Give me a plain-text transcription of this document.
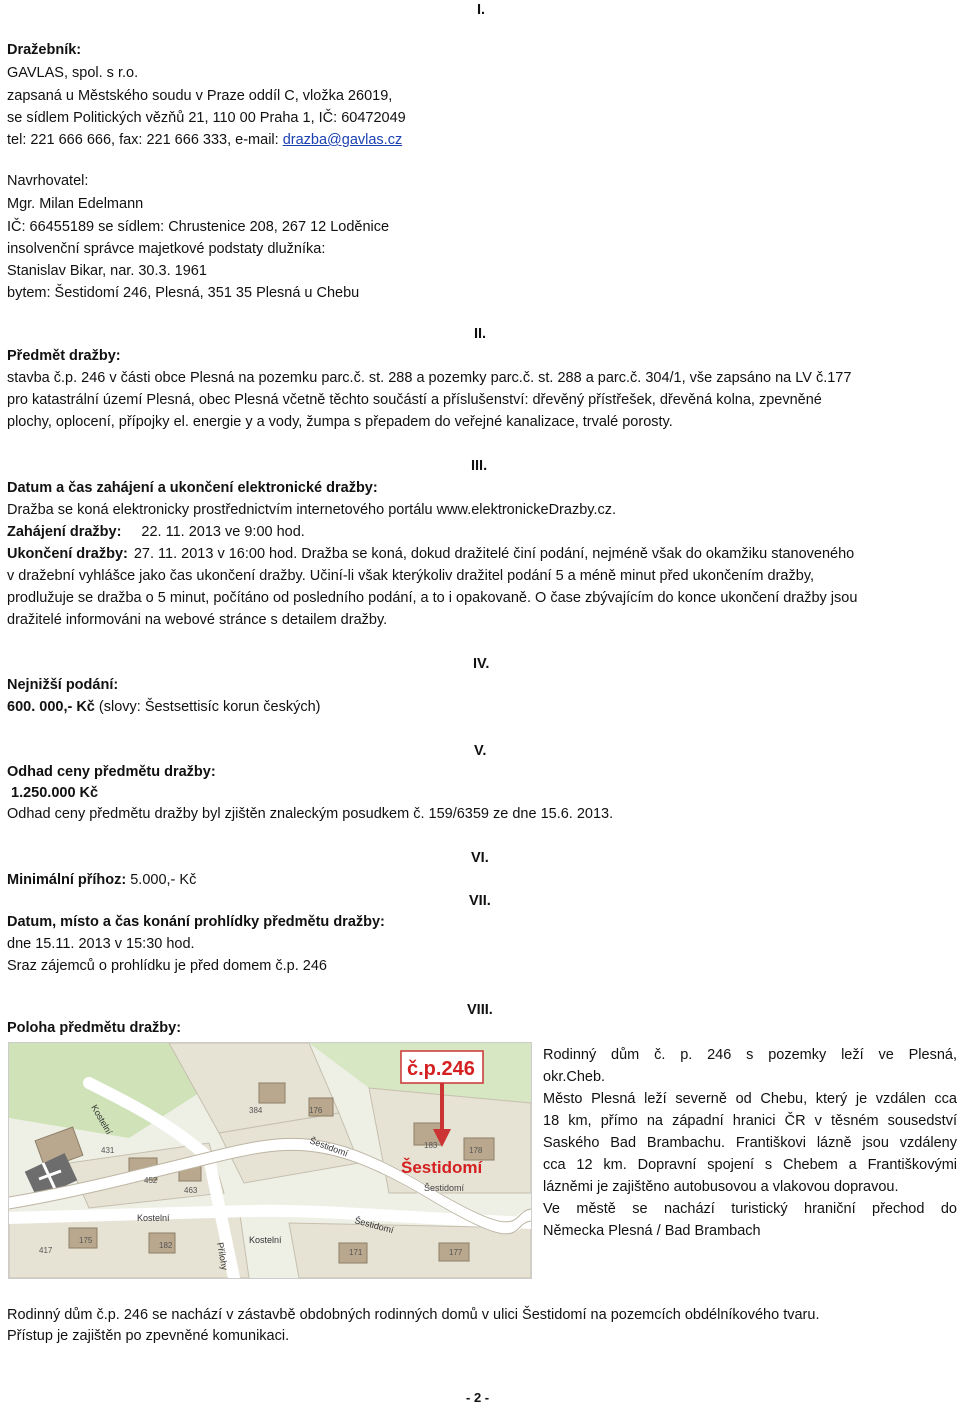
I.
Dražebník:
GAVLAS, spol. s r.o.
zapsaná u Městského soudu v Praze oddíl C, vložka 26019,
se sídlem Politických vězňů 21, 110 00 Praha 1, IČ: 60472049
tel: 221 666 666, fax: 221 666 333, e-mail: drazba@gavlas.cz
Navrhovatel:
Mgr. Milan Edelmann
IČ: 66455189 se sídlem: Chrustenice 208, 267 12 Loděnice
insolvenční správce majetkové podstaty dlužníka:
Stanislav Bikar, nar. 30.3. 1961
bytem: Šestidomí 246, Plesná, 351 35 Plesná u Chebu
II.
Předmět dražby:
stavba č.p. 246 v části obce Plesná na pozemku parc.č. st. 288 a pozemky parc.č. st. 288 a parc.č. 304/1, vše zapsáno na LV č.177
pro katastrální území Plesná, obec Plesná včetně těchto součástí a příslušenství: dřevěný přístřešek, dřevěná kolna, zpevněné
plochy, oplocení, přípojky el. energie y a vody, žumpa s přepadem do veřejné kanalizace, trvalé porosty.
III.
Datum a čas zahájení a ukončení elektronické dražby:
Dražba se koná elektronicky prostřednictvím internetového portálu www.elektronickeDrazby.cz.
Zahájení dražby: 22. 11. 2013 ve 9:00 hod.
Ukončení dražby: 27. 11. 2013 v 16:00 hod. Dražba se koná, dokud dražitelé činí podání, nejméně však do okamžiku stanoveného
v dražební vyhlášce jako čas ukončení dražby. Učiní-li však kterýkoliv dražitel podání 5 a méně minut před ukončením dražby,
prodlužuje se dražba o 5 minut, počítáno od posledního podání, a to i opakovaně. O čase zbývajícím do konce ukončení dražby jsou
dražitelé informováni na webové stránce s detailem dražby.
IV.
Nejnižší podání:
600. 000,- Kč (slovy: Šestsettisíc korun českých)
V.
Odhad ceny předmětu dražby:
1.250.000 Kč
Odhad ceny předmětu dražby byl zjištěn znaleckým posudkem č. 159/6359 ze dne 15.6. 2013.
VI.
Minimální příhoz: 5.000,- Kč
VII.
Datum, místo a čas konání prohlídky předmětu dražby:
dne 15.11. 2013 v 15:30 hod.
Sraz zájemců o prohlídku je před domem č.p. 246
VIII.
Poloha předmětu dražby:
č.p.246
Šestidomí
Šestidomí
Kostelní
Kostelní
Kostelní
Šestidomí
Šestidomí
Přílohy
431
452
463
417
384
183
178
176
175
182
171	177
Rodinný dům č. p. 246 s pozemky leží ve Plesná,
okr.Cheb.
Město Plesná leží severně od Chebu, který je vzdálen cca
18 km, přímo na západní hranici ČR v těsném sousedství
Saského Bad Brambachu. Františkovi lázně jsou vzdáleny
cca 12 km. Dopravní spojení s Chebem a Františkovými
lázněmi je zajištěno autobusovou a vlakovou dopravou.
Ve městě se nachází turistický hraniční přechod do
Německa Plesná / Bad Brambach
Rodinný dům č.p. 246 se nachází v zástavbě obdobných rodinných domů v ulici Šestidomí na pozemcích obdélníkového tvaru.
Přístup je zajištěn po zpevněné komunikaci.
- 2 -
